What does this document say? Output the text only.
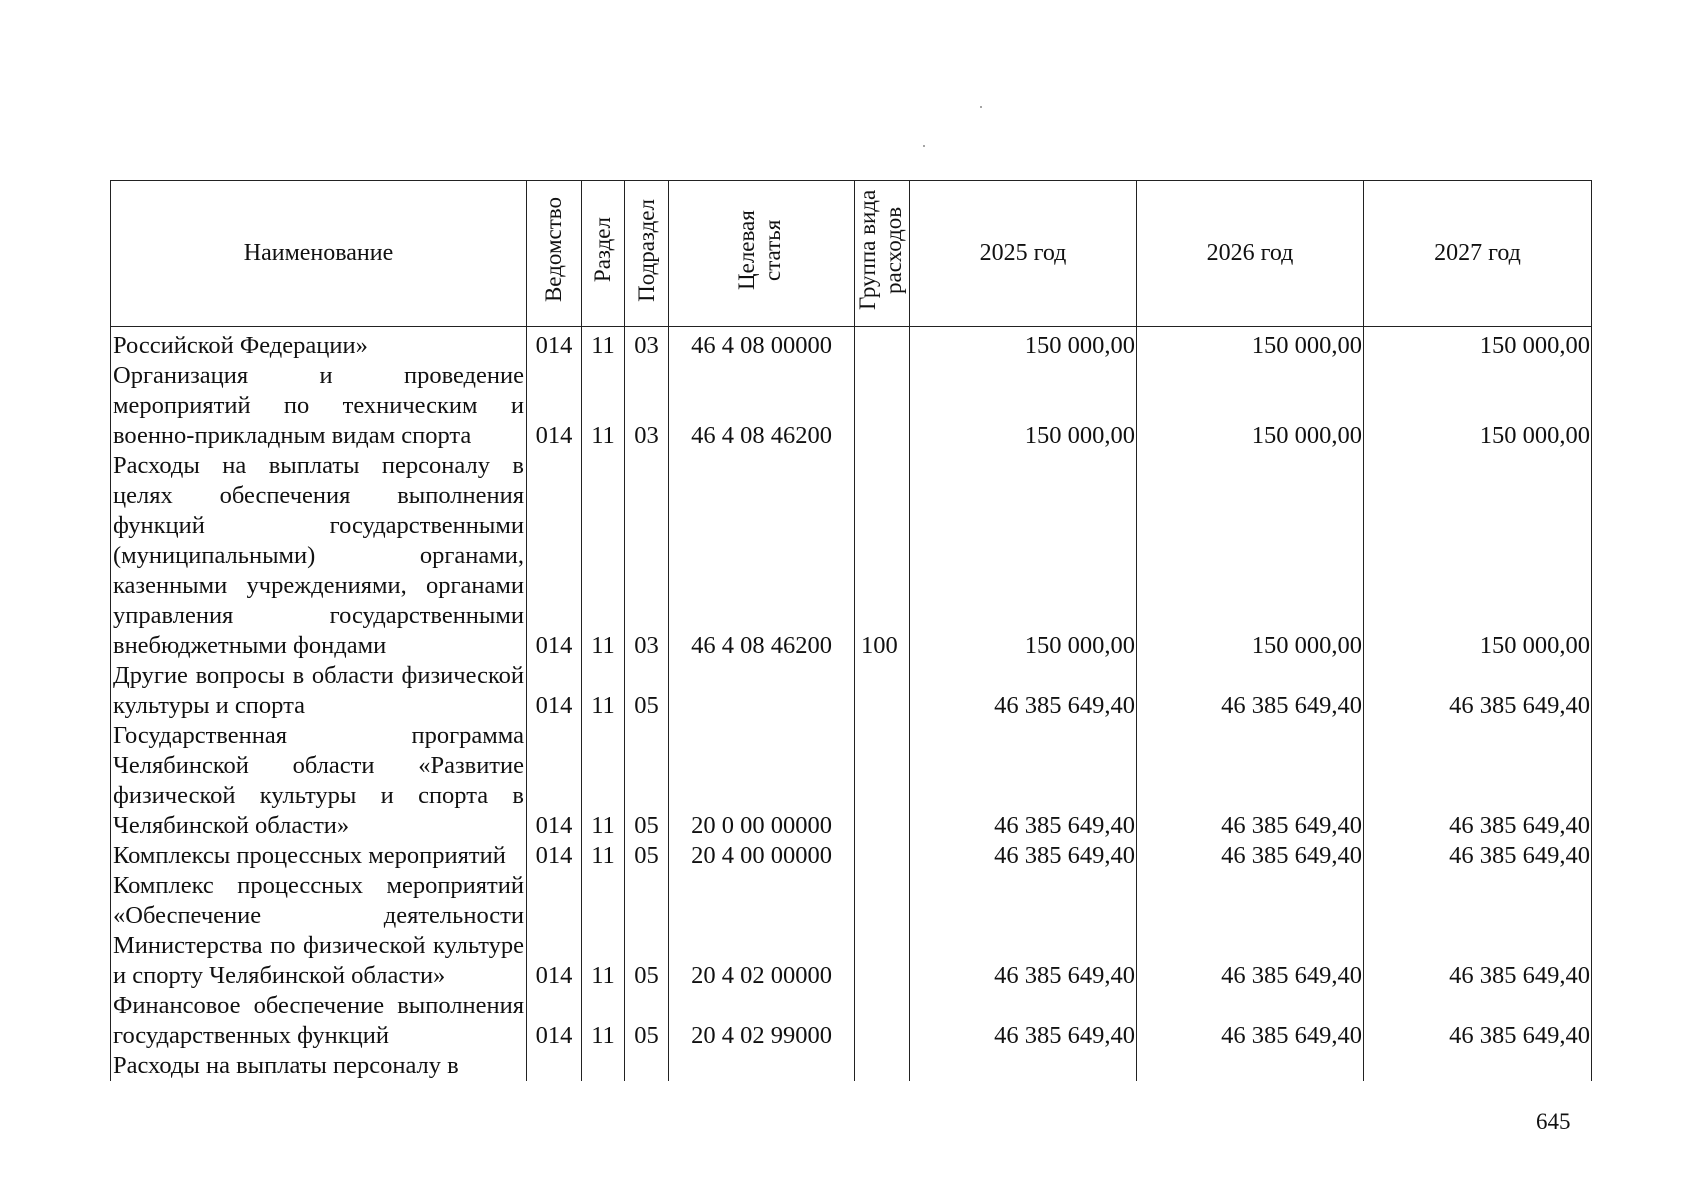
Наименование	Ведомство	Раздел	Подраздел	Целевая статья	Группа вида расходов	2025 год	2026 год	2027 год
Российской Федерации»	014	11	03	46 4 08 00000		150 000,00	150 000,00	150 000,00
Организация и проведение мероприятий по техническим и военно-прикладным видам спорта	014	11	03	46 4 08 46200		150 000,00	150 000,00	150 000,00
Расходы на выплаты персоналу в целях обеспечения выполнения функций государственными (муниципальными) органами, казенными учреждениями, органами управления государственными внебюджетными фондами	014	11	03	46 4 08 46200	100	150 000,00	150 000,00	150 000,00
Другие вопросы в области физической культуры и спорта	014	11	05			46 385 649,40	46 385 649,40	46 385 649,40
Государственная программа Челябинской области «Развитие физической культуры и спорта в Челябинской области»	014	11	05	20 0 00 00000		46 385 649,40	46 385 649,40	46 385 649,40
Комплексы процессных мероприятий	014	11	05	20 4 00 00000		46 385 649,40	46 385 649,40	46 385 649,40
Комплекс процессных мероприятий «Обеспечение деятельности Министерства по физической культуре и спорту Челябинской области»	014	11	05	20 4 02 00000		46 385 649,40	46 385 649,40	46 385 649,40
Финансовое обеспечение выполнения государственных функций	014	11	05	20 4 02 99000		46 385 649,40	46 385 649,40	46 385 649,40
Расходы на выплаты персоналу в								
645
